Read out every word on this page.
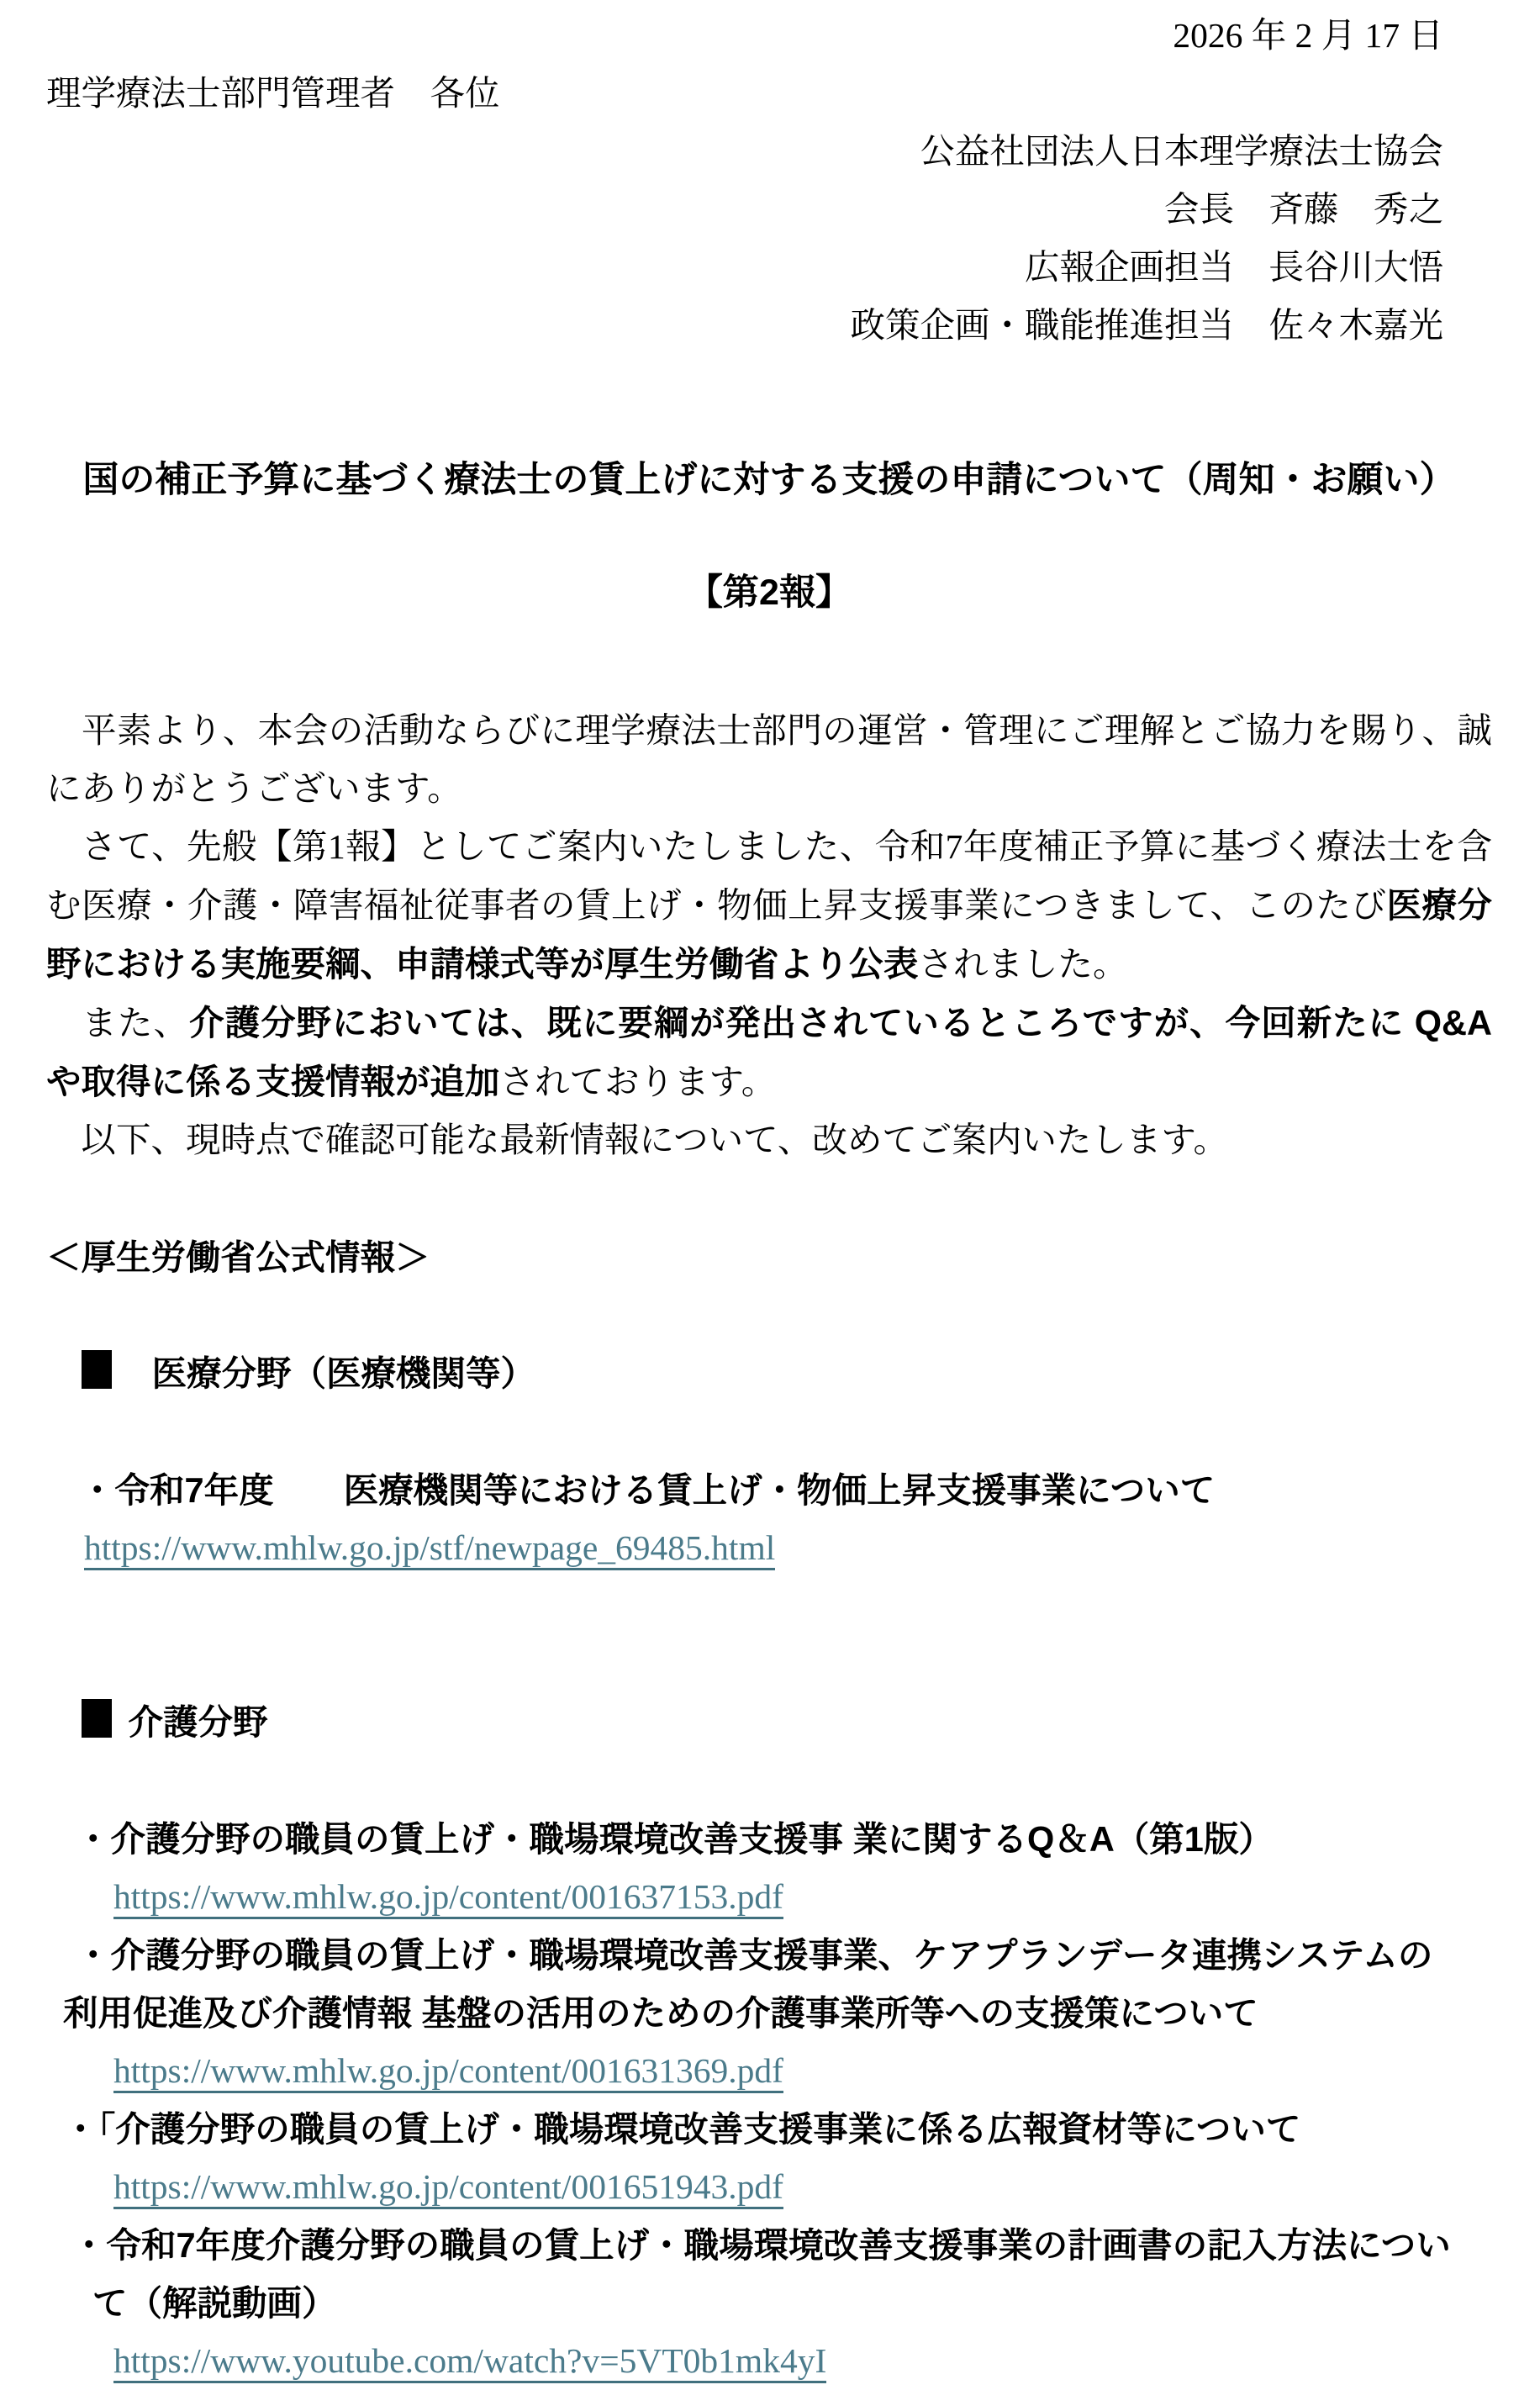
2026 年 2 月 17 日
理学療法士部門管理者　各位
公益社団法人日本理学療法士協会
会長　斉藤　秀之
広報企画担当　長谷川大悟
政策企画・職能推進担当　佐々木嘉光
国の補正予算に基づく療法士の賃上げに対する支援の申請について（周知・お願い）
【第2報】

　平素より、本会の活動ならびに理学療法士部門の運営・管理にご理解とご協力を賜り、誠にありがとうございます。

　さて、先般【第1報】としてご案内いたしました、令和7年度補正予算に基づく療法士を含む医療・介護・障害福祉従事者の賃上げ・物価上昇支援事業につきまして、このたび医療分野における実施要綱、申請様式等が厚生労働省より公表されました。

　また、介護分野においては、既に要綱が発出されているところですが、今回新たに Q&A や取得に係る支援情報が追加されております。

　以下、現時点で確認可能な最新情報について、改めてご案内いたします。

＜厚生労働省公式情報＞

医療分野（医療機関等）

・令和7年度　　医療機関等における賃上げ・物価上昇支援事業について
https://www.mhlw.go.jp/stf/newpage_69485.html

介護分野

・介護分野の職員の賃上げ・職場環境改善支援事 業に関するQ＆A（第1版）
https://www.mhlw.go.jp/content/001637153.pdf
・介護分野の職員の賃上げ・職場環境改善支援事業、ケアプランデータ連携システムの
利用促進及び介護情報 基盤の活用のための介護事業所等への支援策について
https://www.mhlw.go.jp/content/001631369.pdf
・「介護分野の職員の賃上げ・職場環境改善支援事業に係る広報資材等について
https://www.mhlw.go.jp/content/001651943.pdf
・令和7年度介護分野の職員の賃上げ・職場環境改善支援事業の計画書の記入方法につい
て（解説動画）
https://www.youtube.com/watch?v=5VT0b1mk4yI
